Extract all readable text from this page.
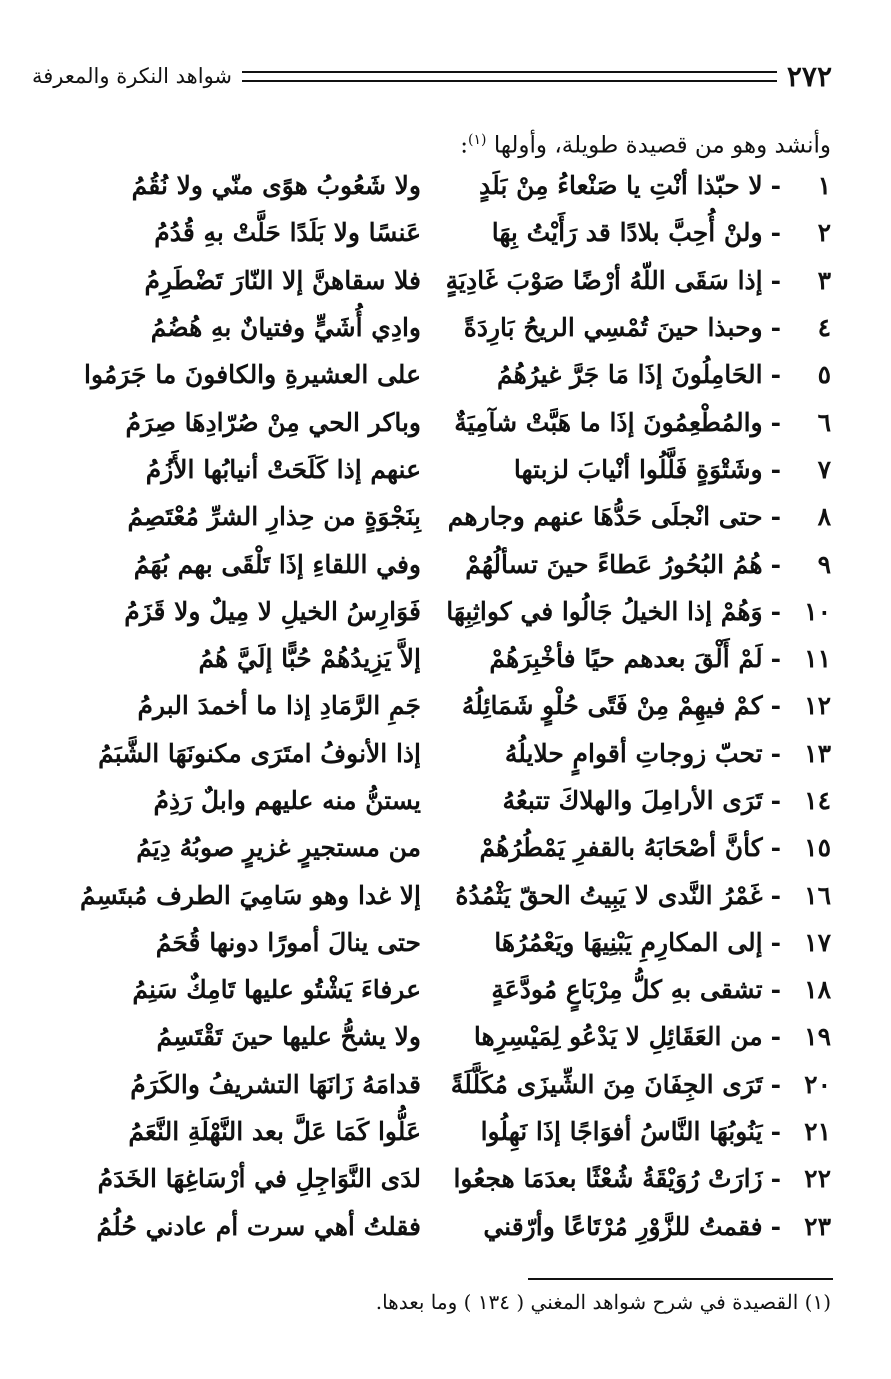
٢٧٢
شواهد النكرة والمعرفة
وأنشد وهو من قصيدة طويلة، وأولها $^{(١)}$:
١
-
لا حبّذا أنْتِ يا صَنْعاءُ مِنْ بَلَدٍ
ولا شَعُوبُ هوًى منّي ولا نُقُمُ
٢
-
ولنْ أُحِبَّ بلادًا قد رَأَيْتُ بِهَا
عَنسًا ولا بَلَدًا حَلَّتْ بهِ قُدُمُ
٣
-
إذا سَقَى اللّهُ أرْضًا صَوْبَ غَادِيَةٍ
فلا سقاهنَّ إلا النّارَ تَضْطَرِمُ
٤
-
وحبذا حينَ تُمْسِي الريحُ بَارِدَةً
وادِي أُشَيٍّ وفتيانٌ بهِ هُضُمُ
٥
-
الحَامِلُونَ إذَا مَا جَرَّ غيرُهُمُ
على العشيرةِ والكافونَ ما جَرَمُوا
٦
-
والمُطْعِمُونَ إذَا ما هَبَّتْ شآمِيَةٌ
وباكر الحي مِنْ صُرّادِهَا صِرَمُ
٧
-
وشَتْوَةٍ فَلَّلُوا أنْيابَ لزبتها
عنهم إذا كَلَحَتْ أنيابُها الأَزُمُ
٨
-
حتى انْجلَى حَدُّهَا عنهم وجارهم
بِنَجْوَةٍ من حِذارِ الشرِّ مُعْتَصِمُ
٩
-
هُمُ البُحُورُ عَطاءً حينَ تسألُهُمْ
وفي اللقاءِ إذَا تَلْقَى بهم بُهَمُ
١٠
-
وَهُمْ إذا الخيلُ جَالُوا في كواثِبِهَا
فَوَارِسُ الخيلِ لا مِيلٌ ولا قَزَمُ
١١
-
لَمْ أَلْقَ بعدهم حيًا فأخْبِرَهُمْ
إلاَّ يَزِيدُهُمْ حُبًّا إلَيَّ هُمُ
١٢
-
كمْ فيهِمْ مِنْ فَتًى حُلْوٍ شَمَائِلُهُ
جَمِ الرَّمَادِ إذا ما أخمدَ البرمُ
١٣
-
تحبّ زوجاتِ أقوامٍ حلايلُهُ
إذا الأنوفُ امتَرَى مكنونَهَا الشَّبَمُ
١٤
-
تَرَى الأرامِلَ والهلاكَ تتبعُهُ
يستنُّ منه عليهم وابلٌ رَذِمُ
١٥
-
كأنَّ أصْحَابَهُ بالقفرِ يَمْطُرُهُمْ
من مستجيرٍ غزيرٍ صوبُهُ دِيَمُ
١٦
-
غَمْرُ النَّدى لا يَبِيتُ الحقّ يَثْمُدُهُ
إلا غدا وهو سَامِيَ الطرف مُبتَسِمُ
١٧
-
إلى المكارِمِ يَبْنِيهَا ويَعْمُرُهَا
حتى ينالَ أمورًا دونها قُحَمُ
١٨
-
تشقى بهِ كلُّ مِرْبَاعٍ مُودَّعَةٍ
عرفاءَ يَشْتُو عليها تَامِكٌ سَنِمُ
١٩
-
من العَقَائِلِ لا يَدْعُو لِمَيْسِرِها
ولا يشحُّ عليها حينَ تَقْتَسِمُ
٢٠
-
تَرَى الجِفَانَ مِنَ الشِّيزَى مُكَلَّلَةً
قدامَهُ زَانَهَا التشريفُ والكَرَمُ
٢١
-
يَنُوبُهَا النَّاسُ أفوَاجًا إذَا نَهِلُوا
عَلُّوا كَمَا عَلَّ بعد النَّهْلَةِ النَّعَمُ
٢٢
-
زَارَتْ رُوَيْقَةُ شُعْثًا بعدَمَا هجعُوا
لدَى النَّوَاجِلِ في أرْسَاغِهَا الخَدَمُ
٢٣
-
فقمتُ للزَّوْرِ مُرْتَاعًا وأرّقني
فقلتُ أهي سرت أم عادني حُلُمُ
(١) القصيدة في شرح شواهد المغني ( ١٣٤ ) وما بعدها.
